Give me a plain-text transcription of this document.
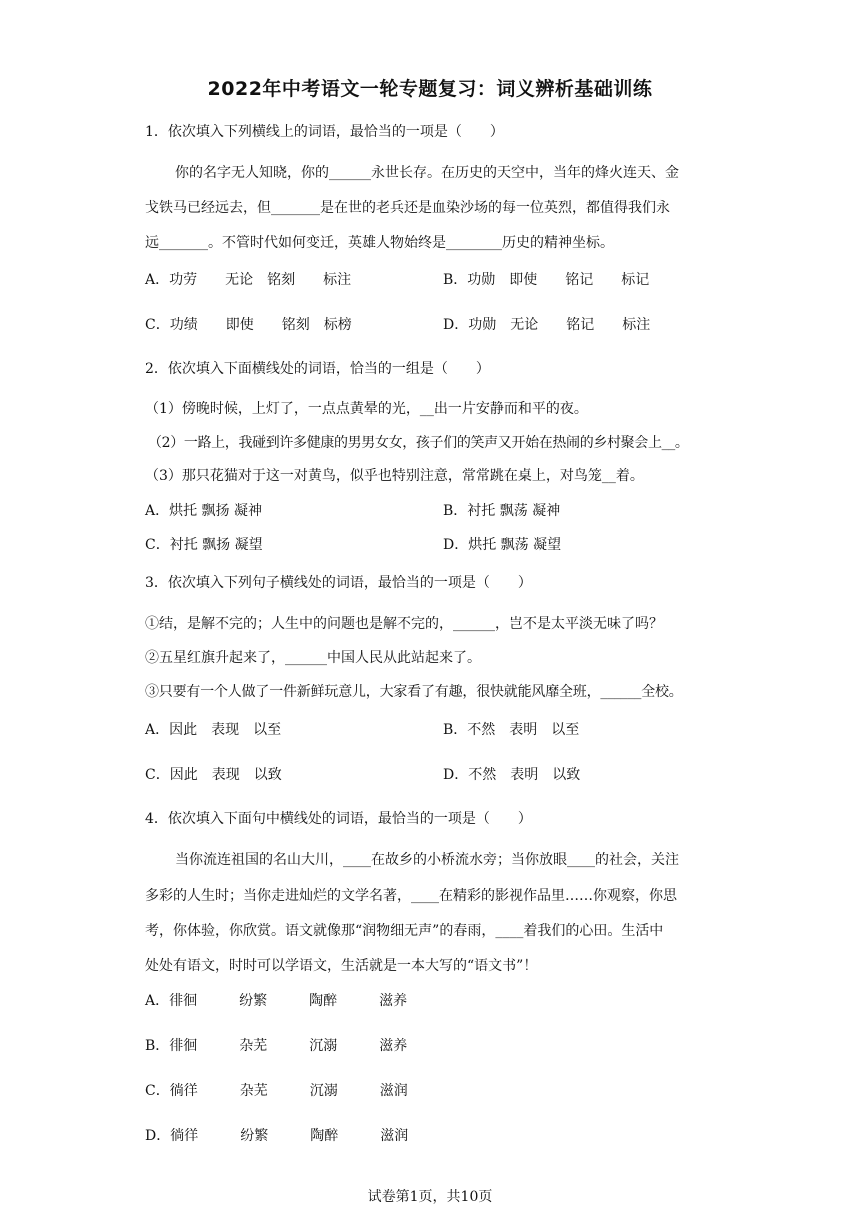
2022年中考语文一轮专题复习：词义辨析基础训练
1．依次填入下列横线上的词语，最恰当的一项是（　　）
你的名字无人知晓，你的______永世长存。在历史的天空中，当年的烽火连天、金
戈铁马已经远去，但_______是在世的老兵还是血染沙场的每一位英烈，都值得我们永
远_______。不管时代如何变迁，英雄人物始终是________历史的精神坐标。
A．功劳　　无论　铭刻　　标注	B．功勋　即使　　铭记　　标记
C．功绩　　即使　　铭刻　标榜	D．功勋　无论　　铭记　　标注
2．依次填入下面横线处的词语，恰当的一组是（　　）
（1）傍晚时候，上灯了，一点点黄晕的光，__出一片安静而和平的夜。
（2）一路上，我碰到许多健康的男男女女，孩子们的笑声又开始在热闹的乡村聚会上__。
（3）那只花猫对于这一对黄鸟，似乎也特别注意，常常跳在桌上，对鸟笼__着。
A．烘托 飘扬 凝神	B．衬托 飘荡 凝神
C．衬托 飘扬 凝望	D．烘托 飘荡 凝望
3．依次填入下列句子横线处的词语，最恰当的一项是（　　）
①结，是解不完的；人生中的问题也是解不完的，______，岂不是太平淡无味了吗？
②五星红旗升起来了，______中国人民从此站起来了。
③只要有一个人做了一件新鲜玩意儿，大家看了有趣，很快就能风靡全班，______全校。
A．因此　表现　以至	B．不然　表明　以至
C．因此　表现　以致	D．不然　表明　以致
4．依次填入下面句中横线处的词语，最恰当的一项是（　　）
当你流连祖国的名山大川，____在故乡的小桥流水旁；当你放眼____的社会，关注
多彩的人生时；当你走进灿烂的文学名著，____在精彩的影视作品里……你观察，你思
考，你体验，你欣赏。语文就像那“润物细无声”的春雨，____着我们的心田。生活中
处处有语文，时时可以学语文，生活就是一本大写的“语文书”！
A．徘徊　　　纷繁　　　陶醉　　　滋养
B．徘徊　　　杂芜　　　沉溺　　　滋养
C．徜徉　　　杂芜　　　沉溺　　　滋润
D．徜徉　　　纷繁　　　陶醉　　　滋润
试卷第1页，共10页
